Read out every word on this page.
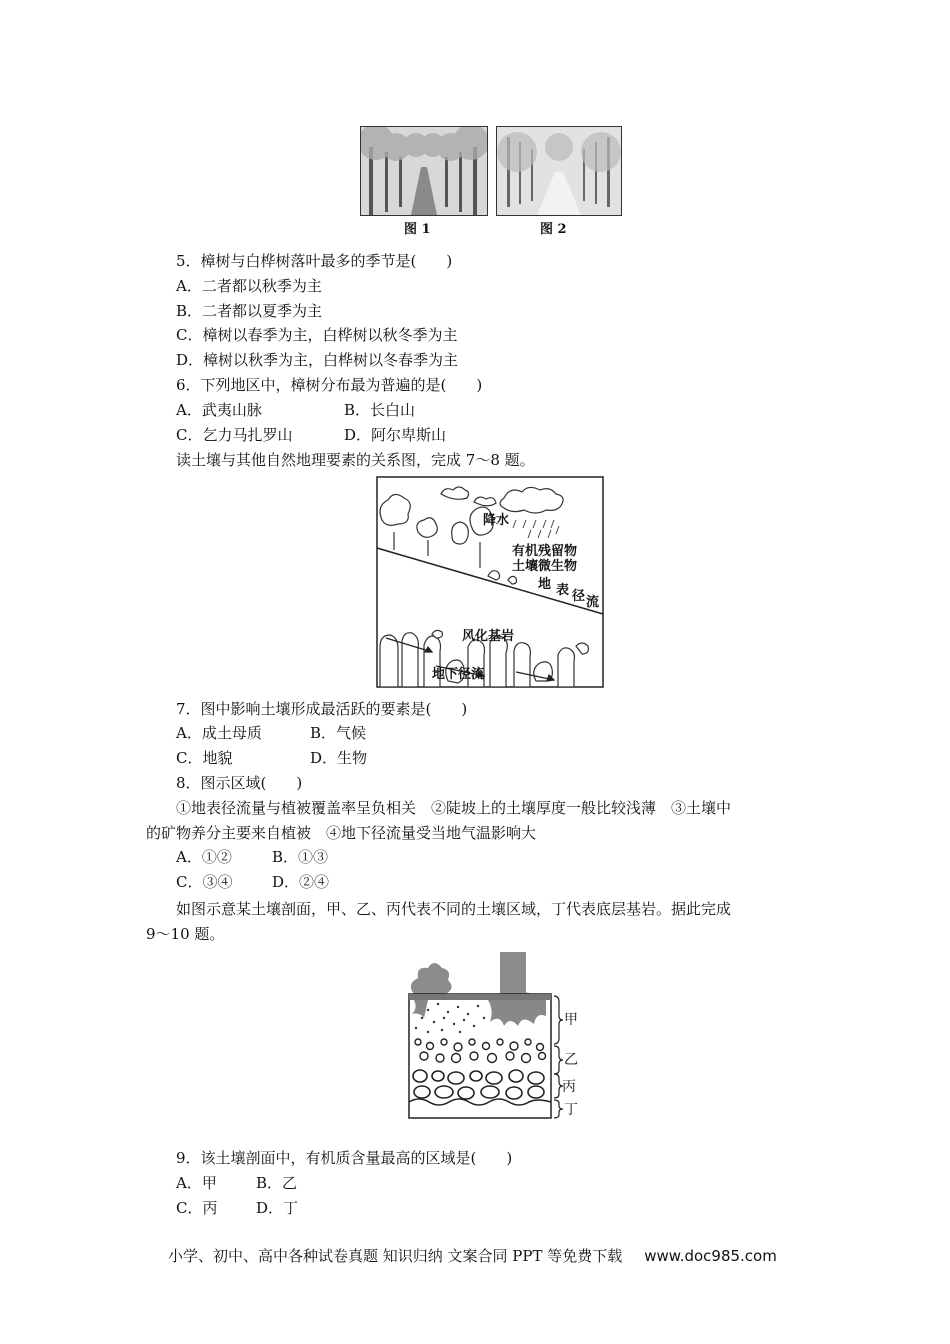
图 1	图 2
5．樟树与白桦树落叶最多的季节是(　　)
A．二者都以秋季为主
B．二者都以夏季为主
C．樟树以春季为主，白桦树以秋冬季为主
D．樟树以秋季为主，白桦树以冬春季为主
6．下列地区中，樟树分布最为普遍的是(　　)
A．武夷山脉	B．长白山
C．乞力马扎罗山	D．阿尔卑斯山
读土壤与其他自然地理要素的关系图，完成 7～8 题。
降水
有机残留物
土壤微生物
地 表 径 流
风化基岩
地下径流
7．图中影响土壤形成最活跃的要素是(　　)
A．成土母质	B．气候
C．地貌	D．生物
8．图示区域(　　)
①地表径流量与植被覆盖率呈负相关　②陡坡上的土壤厚度一般比较浅薄　③土壤中
的矿物养分主要来自植被　④地下径流量受当地气温影响大
A．①②	B．①③
C．③④	D．②④
如图示意某土壤剖面，甲、乙、丙代表不同的土壤区域，丁代表底层基岩。据此完成
9～10 题。
甲
乙
丙
丁
9．该土壤剖面中，有机质含量最高的区域是(　　)
A．甲	B．乙
C．丙	D．丁
小学、初中、高中各种试卷真题 知识归纳 文案合同 PPT 等免费下载 www.doc985.com
